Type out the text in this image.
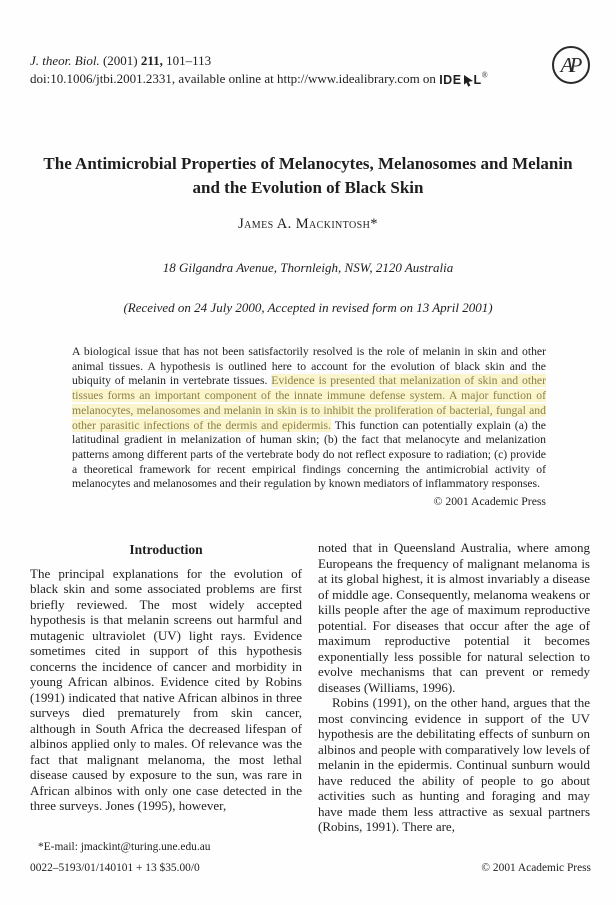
J. theor. Biol. (2001) 211, 101–113
doi:10.1006/jtbi.2001.2331, available online at http://www.idealibrary.com on IDE L ®	AP
The Antimicrobial Properties of Melanocytes, Melanosomes and Melanin
and the Evolution of Black Skin
James A. Mackintosh*
18 Gilgandra Avenue, Thornleigh, NSW, 2120 Australia
(Received on 24 July 2000, Accepted in revised form on 13 April 2001)
A biological issue that has not been satisfactorily resolved is the role of melanin in skin and other animal tissues. A hypothesis is outlined here to account for the evolution of black skin and the ubiquity of melanin in vertebrate tissues. Evidence is presented that melanization of skin and other tissues forms an important component of the innate immune defense system. A major function of melanocytes, melanosomes and melanin in skin is to inhibit the proliferation of bacterial, fungal and other parasitic infections of the dermis and epidermis. This function can potentially explain (a) the latitudinal gradient in melanization of human skin; (b) the fact that melanocyte and melanization patterns among different parts of the vertebrate body do not reflect exposure to radiation; (c) provide a theoretical framework for recent empirical findings concerning the antimicrobial activity of melanocytes and melanosomes and their regulation by known mediators of inflammatory responses.
© 2001 Academic Press
Introduction

The principal explanations for the evolution of black skin and some associated problems are first briefly reviewed. The most widely accepted hypothesis is that melanin screens out harmful and mutagenic ultraviolet (UV) light rays. Evidence sometimes cited in support of this hypothesis concerns the incidence of cancer and morbidity in young African albinos. Evidence cited by Robins (1991) indicated that native African albinos in three surveys died prematurely from skin cancer, although in South Africa the decreased lifespan of albinos applied only to males. Of relevance was the fact that malignant melanoma, the most lethal disease caused by exposure to the sun, was rare in African albinos with only one case detected in the three surveys. Jones (1995), however,

*E-mail: jmackint@turing.une.edu.au

noted that in Queensland Australia, where among Europeans the frequency of malignant melanoma is at its global highest, it is almost invariably a disease of middle age. Consequently, melanoma weakens or kills people after the age of maximum reproductive potential. For diseases that occur after the age of maximum reproductive potential it becomes exponentially less possible for natural selection to evolve mechanisms that can prevent or remedy diseases (Williams, 1996).

Robins (1991), on the other hand, argues that the most convincing evidence in support of the UV hypothesis are the debilitating effects of sunburn on albinos and people with comparatively low levels of melanin in the epidermis. Continual sunburn would have reduced the ability of people to go about activities such as hunting and foraging and may have made them less attractive as sexual partners (Robins, 1991). There are,

0022–5193/01/140101 + 13 $35.00/0	© 2001 Academic Press
